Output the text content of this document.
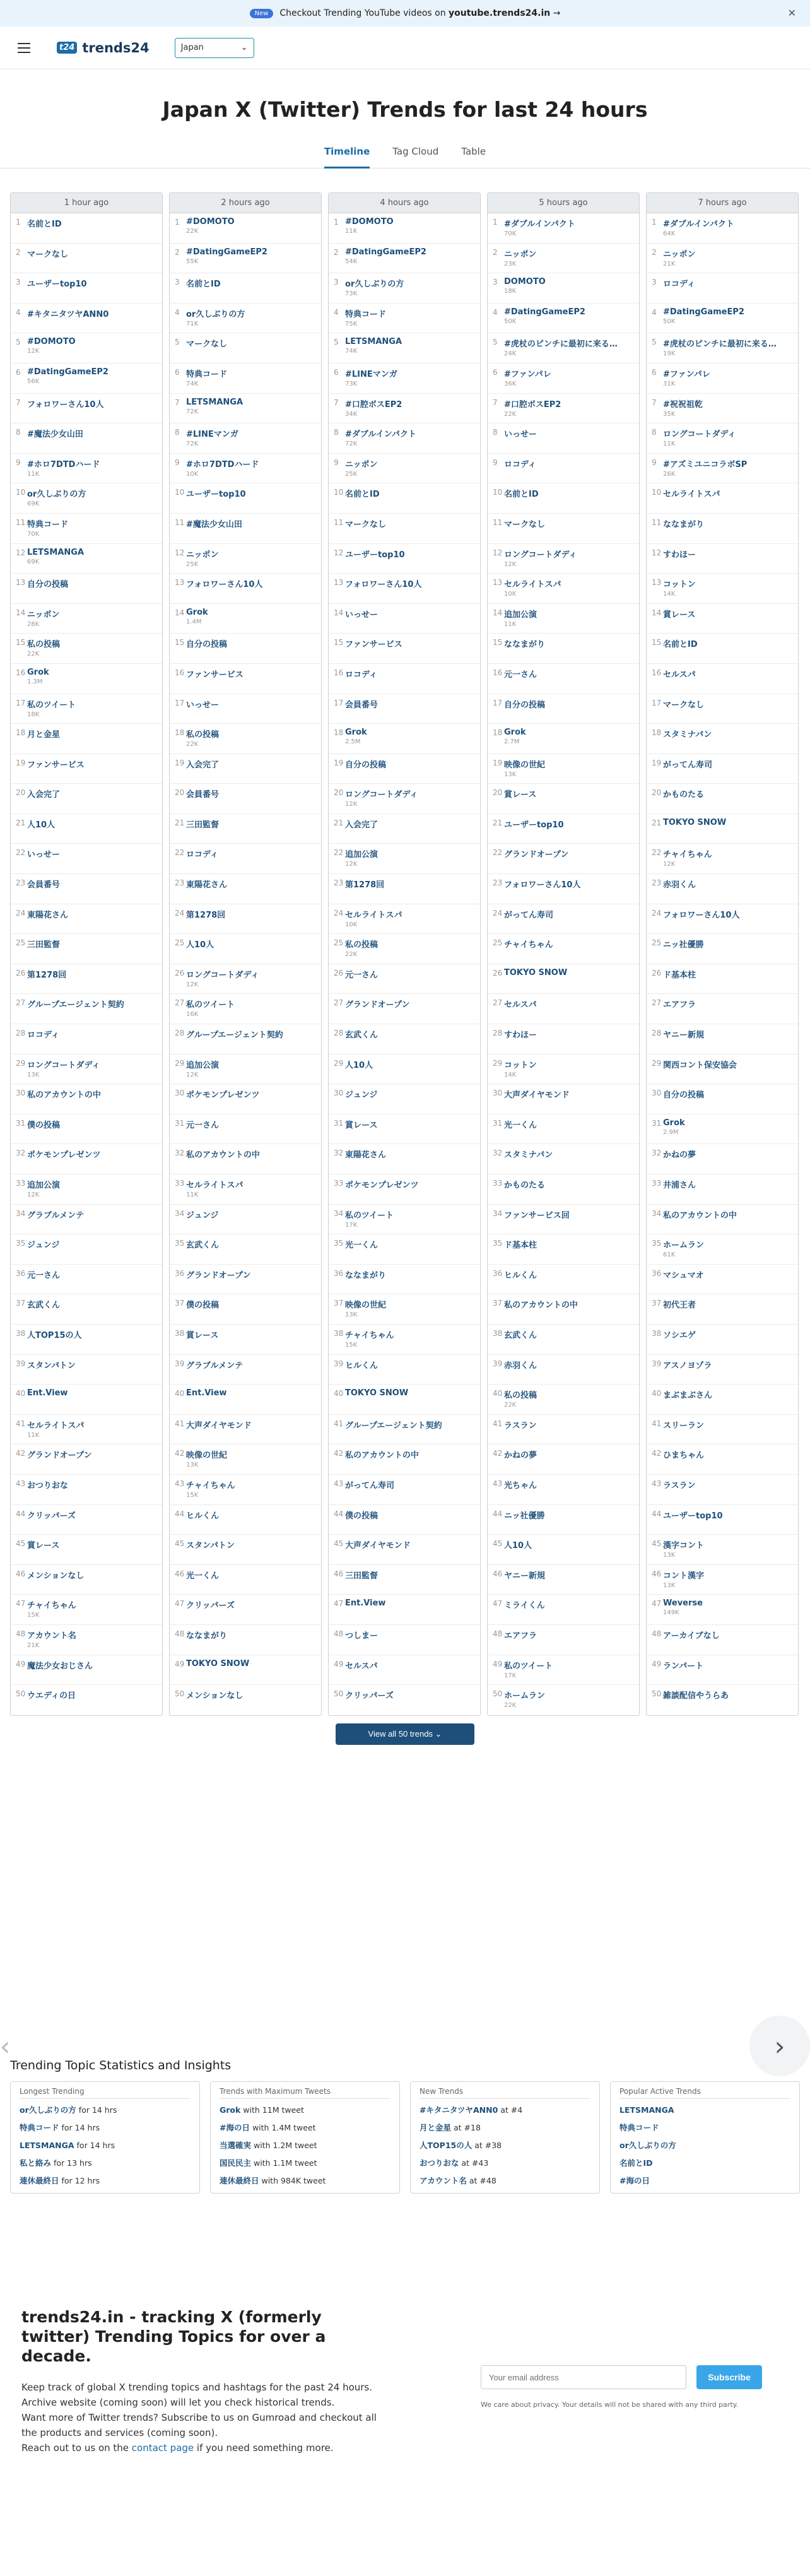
New	Checkout Trending YouTube videos on youtube.trends24.in →	✕
t24 trends24	Japan	⌄
Japan X (Twitter) Trends for last 24 hours
Timeline Tag Cloud Table
1 hour ago
1 名前とID
2 マークなし
3 ユーザーtop10
4 #キタニタツヤANN0
5 #DOMOTO
12K
6 #DatingGameEP2
56K
7 フォロワーさん10人
8 #魔法少女山田
9 #ホロ7DTDハード
11K
10 or久しぶりの方
69K
11 特典コード
70K
12 LETSMANGA
69K
13 自分の投稿
14 ニッポン
28K
15 私の投稿
22K
16 Grok
1.3M
17 私のツイート
18K
18 月と金星
19 ファンサービス
20 入会完了
21 人10人
22 いっせー
23 会員番号
24 東陽花さん
25 三田監督
26 第1278回
27 グループエージェント契約
28 ロコディ
29 ロングコートダディ
13K
30 私のアカウントの中
31 僕の投稿
32 ポケモンプレゼンツ
33 追加公演
12K
34 グラブルメンテ
35 ジュンジ
36 元一さん
37 玄武くん
38 人TOP15の人
39 スタンパトン
40 Ent.View
41 セルライトスパ
11K
42 グランドオープン
43 おつりおな
44 クリッパーズ
45 賞レース
46 メンションなし
47 チャイちゃん
15K
48 アカウント名
21K
49 魔法少女おじさん
50 ウエディの日
2 hours ago
1 #DOMOTO
22K
2 #DatingGameEP2
55K
3 名前とID
4 or久しぶりの方
71K
5 マークなし
6 特典コード
74K
7 LETSMANGA
72K
8 #LINEマンガ
72K
9 #ホロ7DTDハード
10K
10 ユーザーtop10
11 #魔法少女山田
12 ニッポン
25K
13 フォロワーさん10人
14 Grok
1.4M
15 自分の投稿
16 ファンサービス
17 いっせー
18 私の投稿
22K
19 入会完了
20 会員番号
21 三田監督
22 ロコディ
23 東陽花さん
24 第1278回
25 人10人
26 ロングコートダディ
12K
27 私のツイート
16K
28 グループエージェント契約
29 追加公演
12K
30 ポケモンプレゼンツ
31 元一さん
32 私のアカウントの中
33 セルライトスパ
11K
34 ジュンジ
35 玄武くん
36 グランドオープン
37 僕の投稿
38 賞レース
39 グラブルメンテ
40 Ent.View
41 大声ダイヤモンド
42 映像の世紀
13K
43 チャイちゃん
15K
44 ヒルくん
45 スタンパトン
46 光一くん
47 クリッパーズ
48 ななまがり
49 TOKYO SNOW
50 メンションなし
4 hours ago
1 #DOMOTO
11K
2 #DatingGameEP2
54K
3 or久しぶりの方
73K
4 特典コード
75K
5 LETSMANGA
74K
6 #LINEマンガ
73K
7 #口腔ボスEP2
34K
8 #ダブルインパクト
72K
9 ニッポン
25K
10 名前とID
11 マークなし
12 ユーザーtop10
13 フォロワーさん10人
14 いっせー
15 ファンサービス
16 ロコディ
17 会員番号
18 Grok
2.5M
19 自分の投稿
20 ロングコートダディ
12K
21 入会完了
22 追加公演
12K
23 第1278回
24 セルライトスパ
10K
25 私の投稿
22K
26 元一さん
27 グランドオープン
28 玄武くん
29 人10人
30 ジュンジ
31 賞レース
32 東陽花さん
33 ポケモンプレゼンツ
34 私のツイート
17K
35 光一くん
36 ななまがり
37 映像の世紀
13K
38 チャイちゃん
15K
39 ヒルくん
40 TOKYO SNOW
41 グループエージェント契約
42 私のアカウントの中
43 がってん寿司
44 僕の投稿
45 大声ダイヤモンド
46 三田監督
47 Ent.View
48 つしまー
49 セルスパ
50 クリッパーズ
5 hours ago
1 #ダブルインパクト
70K
2 ニッポン
23K
3 DOMOTO
18K
4 #DatingGameEP2
50K
5 #虎杖のピンチに最初に来る…
24K
6 #ファンパレ
36K
7 #口腔ボスEP2
22K
8 いっせー
9 ロコディ
10 名前とID
11 マークなし
12 ロングコートダディ
12K
13 セルライトスパ
10K
14 追加公演
11K
15 ななまがり
16 元一さん
17 自分の投稿
18 Grok
2.7M
19 映像の世紀
13K
20 賞レース
21 ユーザーtop10
22 グランドオープン
23 フォロワーさん10人
24 がってん寿司
25 チャイちゃん
26 TOKYO SNOW
27 セルスパ
28 すわほー
29 コットン
14K
30 大声ダイヤモンド
31 光一くん
32 スタミナパン
33 かものたる
34 ファンサービス回
35 ド基本柱
36 ヒルくん
37 私のアカウントの中
38 玄武くん
39 赤羽くん
40 私の投稿
22K
41 ラスラン
42 かねの夢
43 光ちゃん
44 ニッ社優勝
45 人10人
46 ヤニー新規
47 ミライくん
48 エアフラ
49 私のツイート
17K
50 ホームラン
22K
7 hours ago
1 #ダブルインパクト
64K
2 ニッポン
21K
3 ロコディ
4 #DatingGameEP2
50K
5 #虎杖のピンチに最初に来る…
19K
6 #ファンパレ
31K
7 #祝祝祖乾
35K
8 ロングコートダディ
11K
9 #アズミユニコラボSP
26K
10 セルライトスパ
11 ななまがり
12 すわほー
13 コットン
14K
14 賞レース
15 名前とID
16 セルスパ
17 マークなし
18 スタミナパン
19 がってん寿司
20 かものたる
21 TOKYO SNOW
22 チャイちゃん
12K
23 赤羽くん
24 フォロワーさん10人
25 ニッ社優勝
26 ド基本柱
27 エアフラ
28 ヤニー新規
29 関西コント保安協会
30 自分の投稿
31 Grok
2.9M
32 かねの夢
33 井浦さん
34 私のアカウントの中
35 ホームラン
61K
36 マシュマオ
37 初代王者
38 ソシエゲ
39 アスノヨゾラ
40 まぶまぶさん
41 スリーラン
42 ひまちゃん
43 ラスラン
44 ユーザーtop10
45 漢字コント
13K
46 コント漢字
13K
47 Weverse
149K
48 アーカイブなし
49 ランパート
50 雑談配信やうらあ
View all 50 trends ⌄
‹	›
Trending Topic Statistics and Insights
Longest Trending
or久しぶりの方 for 14 hrs
特典コード for 14 hrs
LETSMANGA for 14 hrs
私と絡み for 13 hrs
連休最終日 for 12 hrs
Trends with Maximum Tweets
Grok with 11M tweet
#海の日 with 1.4M tweet
当選確実 with 1.2M tweet
国民民主 with 1.1M tweet
連休最終日 with 984K tweet
New Trends
#キタニタツヤANN0 at #4
月と金星 at #18
人TOP15の人 at #38
おつりおな at #43
アカウント名 at #48
Popular Active Trends
LETSMANGA
特典コード
or久しぶりの方
名前とID
#海の日
trends24.in - tracking X (formerly twitter) Trending Topics for over a decade.
Keep track of global X trending topics and hashtags for the past 24 hours.
Archive website (coming soon) will let you check historical trends.
Want more of Twitter trends? Subscribe to us on Gumroad and checkout all the products and services (coming soon).
Reach out to us on the contact page if you need something more.
Your email address
Subscribe
We care about privacy. Your details will not be shared with any third party.
